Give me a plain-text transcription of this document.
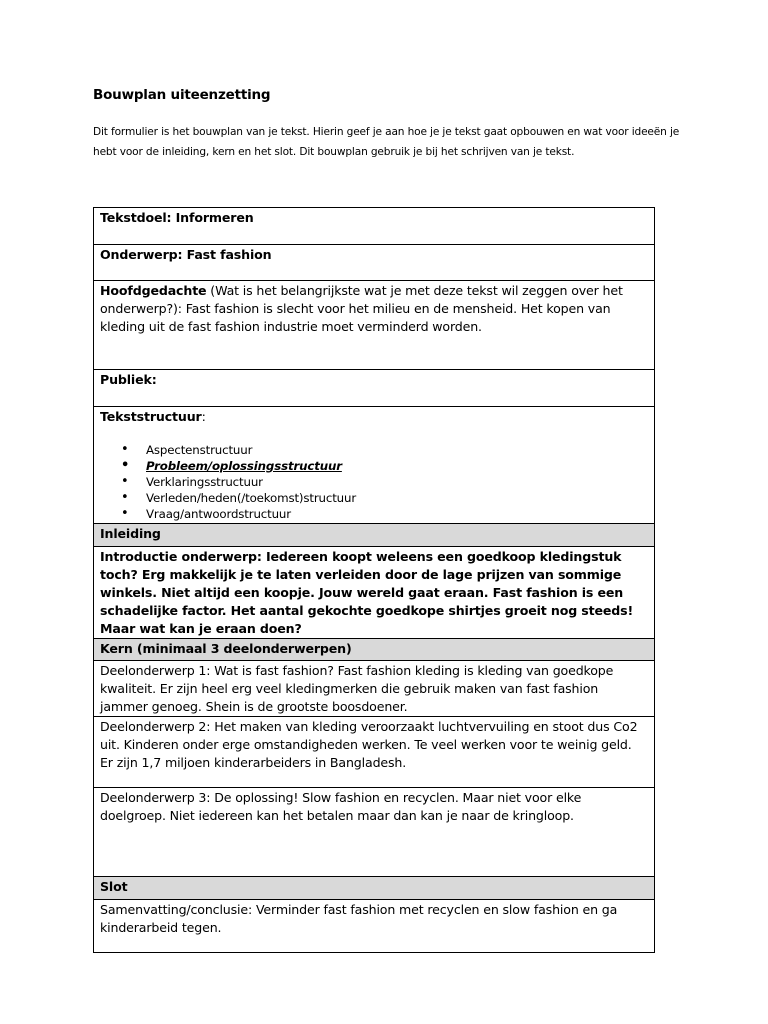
Bouwplan uiteenzetting
Dit formulier is het bouwplan van je tekst. Hierin geef je aan hoe je je tekst gaat opbouwen en wat voor ideeën je hebt voor de inleiding, kern en het slot. Dit bouwplan gebruik je bij het schrijven van je tekst.
Tekstdoel: Informeren
Onderwerp: Fast fashion
Hoofdgedachte (Wat is het belangrijkste wat je met deze tekst wil zeggen over het onderwerp?): Fast fashion is slecht voor het milieu en de mensheid. Het kopen van kleding uit de fast fashion industrie moet verminderd worden.
Publiek:
Tekststructuur:
• Aspectenstructuur
• Probleem/oplossingsstructuur
• Verklaringsstructuur
• Verleden/heden(/toekomst)structuur
• Vraag/antwoordstructuur

Inleiding
Introductie onderwerp: Iedereen koopt weleens een goedkoop kledingstuk toch? Erg makkelijk je te laten verleiden door de lage prijzen van sommige winkels. Niet altijd een koopje. Jouw wereld gaat eraan. Fast fashion is een schadelijke factor. Het aantal gekochte goedkope shirtjes groeit nog steeds! Maar wat kan je eraan doen?
Kern (minimaal 3 deelonderwerpen)
Deelonderwerp 1: Wat is fast fashion? Fast fashion kleding is kleding van goedkope kwaliteit. Er zijn heel erg veel kledingmerken die gebruik maken van fast fashion jammer genoeg. Shein is de grootste boosdoener.
Deelonderwerp 2: Het maken van kleding veroorzaakt luchtvervuiling en stoot dus Co2 uit. Kinderen onder erge omstandigheden werken. Te veel werken voor te weinig geld. Er zijn 1,7 miljoen kinderarbeiders in Bangladesh.
Deelonderwerp 3: De oplossing! Slow fashion en recyclen. Maar niet voor elke doelgroep. Niet iedereen kan het betalen maar dan kan je naar de kringloop.
Slot
Samenvatting/conclusie: Verminder fast fashion met recyclen en slow fashion en ga kinderarbeid tegen.
